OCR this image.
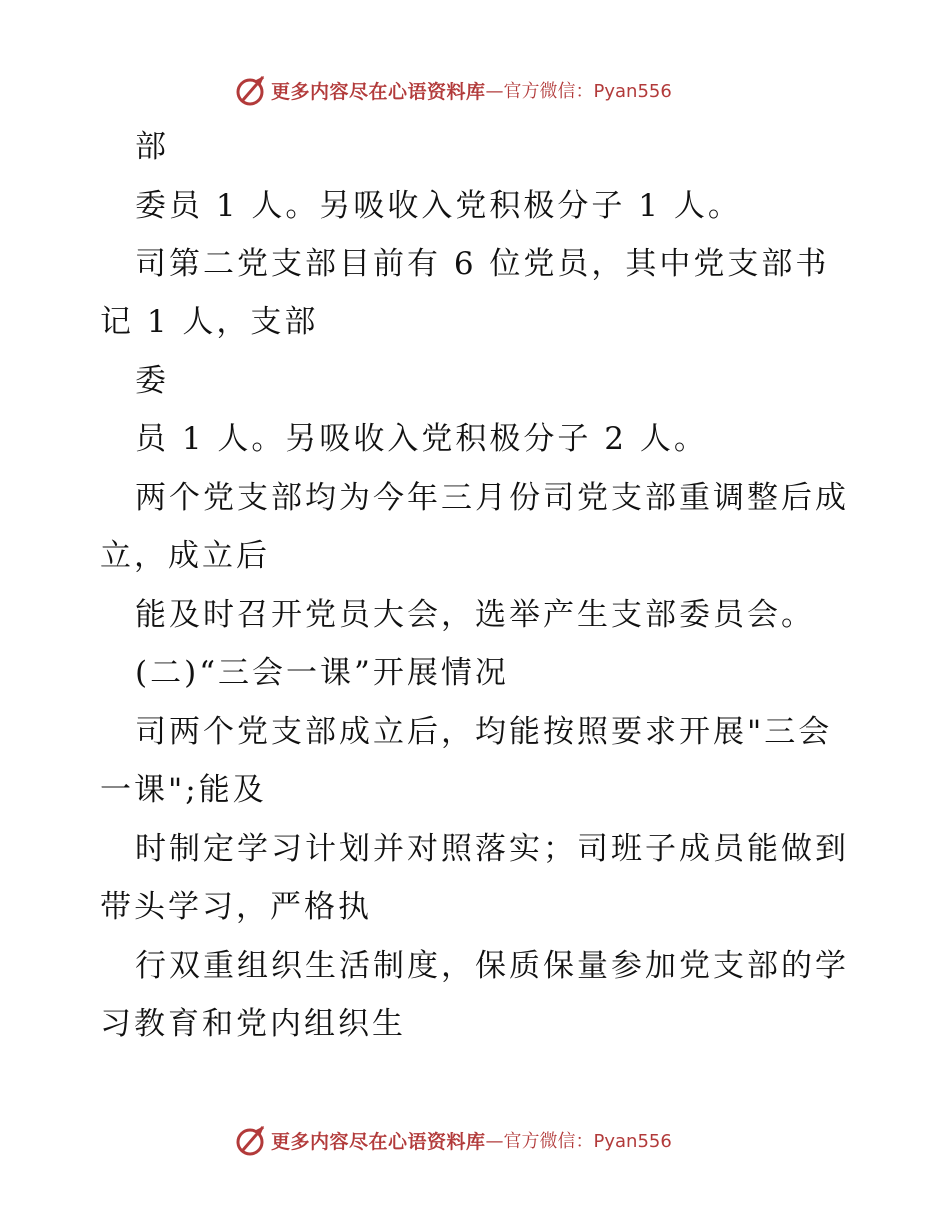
更多内容尽在心语资料库 —官方微信：Pyan556
部
委员 1 人。另吸收入党积极分子 1 人。
司第二党支部目前有 6 位党员，其中党支部书
记 1 人，支部
委
员 1 人。另吸收入党积极分子 2 人。
两个党支部均为今年三月份司党支部重调整后成
立，成立后
能及时召开党员大会，选举产生支部委员会。
(二)“三会一课”开展情况
司两个党支部成立后，均能按照要求开展"三会
一课";能及
时制定学习计划并对照落实；司班子成员能做到
带头学习，严格执
行双重组织生活制度，保质保量参加党支部的学
习教育和党内组织生
更多内容尽在心语资料库 —官方微信：Pyan556
